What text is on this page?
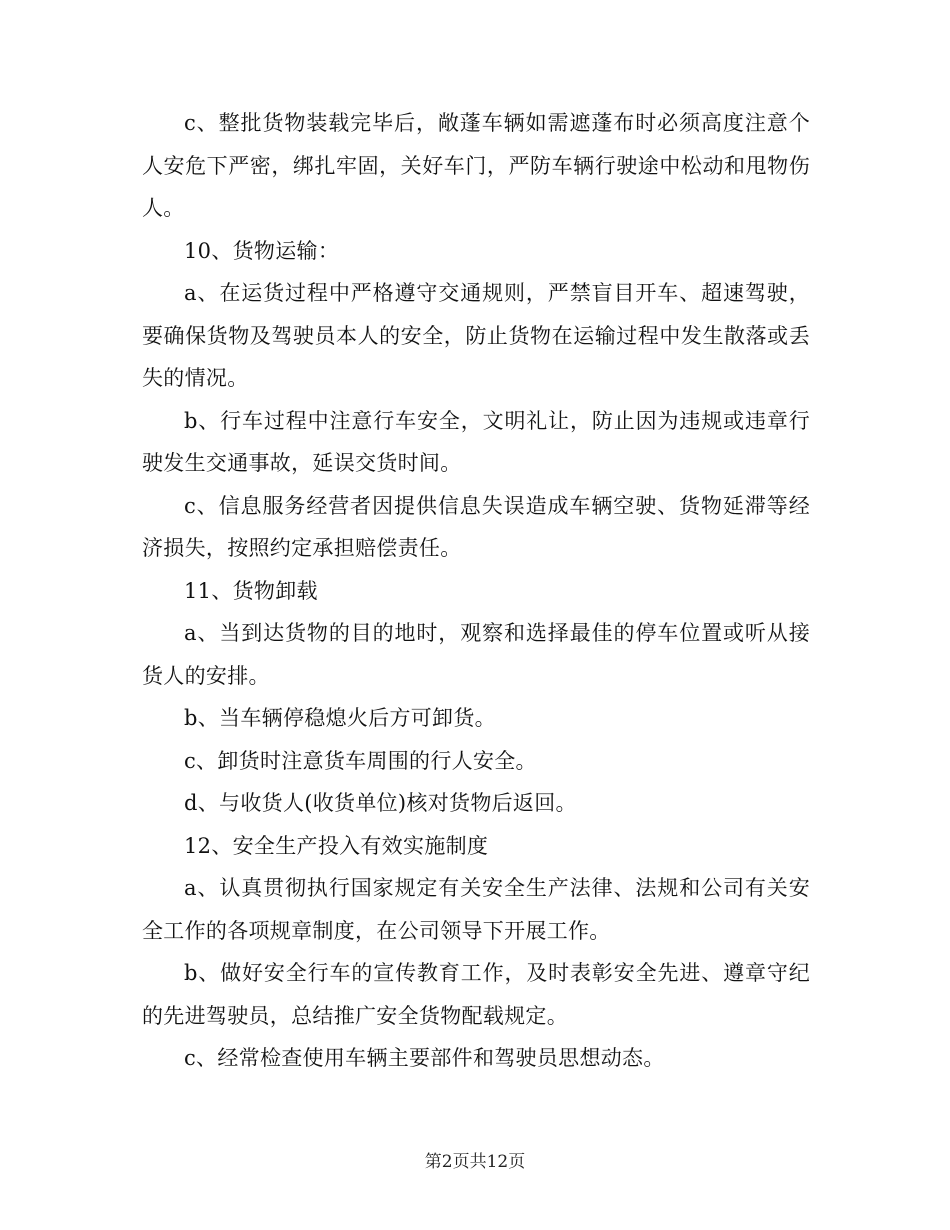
c、整批货物装载完毕后，敞蓬车辆如需遮蓬布时必须高度注意个人安危下严密，绑扎牢固，关好车门，严防车辆行驶途中松动和甩物伤人。

10、货物运输：

a、在运货过程中严格遵守交通规则，严禁盲目开车、超速驾驶，要确保货物及驾驶员本人的安全，防止货物在运输过程中发生散落或丢失的情况。

b、行车过程中注意行车安全，文明礼让，防止因为违规或违章行驶发生交通事故，延误交货时间。

c、信息服务经营者因提供信息失误造成车辆空驶、货物延滞等经济损失，按照约定承担赔偿责任。

11、货物卸载

a、当到达货物的目的地时，观察和选择最佳的停车位置或听从接货人的安排。

b、当车辆停稳熄火后方可卸货。

c、卸货时注意货车周围的行人安全。

d、与收货人(收货单位)核对货物后返回。

12、安全生产投入有效实施制度

a、认真贯彻执行国家规定有关安全生产法律、法规和公司有关安全工作的各项规章制度，在公司领导下开展工作。

b、做好安全行车的宣传教育工作，及时表彰安全先进、遵章守纪的先进驾驶员，总结推广安全货物配载规定。

c、经常检查使用车辆主要部件和驾驶员思想动态。

第2页共12页
